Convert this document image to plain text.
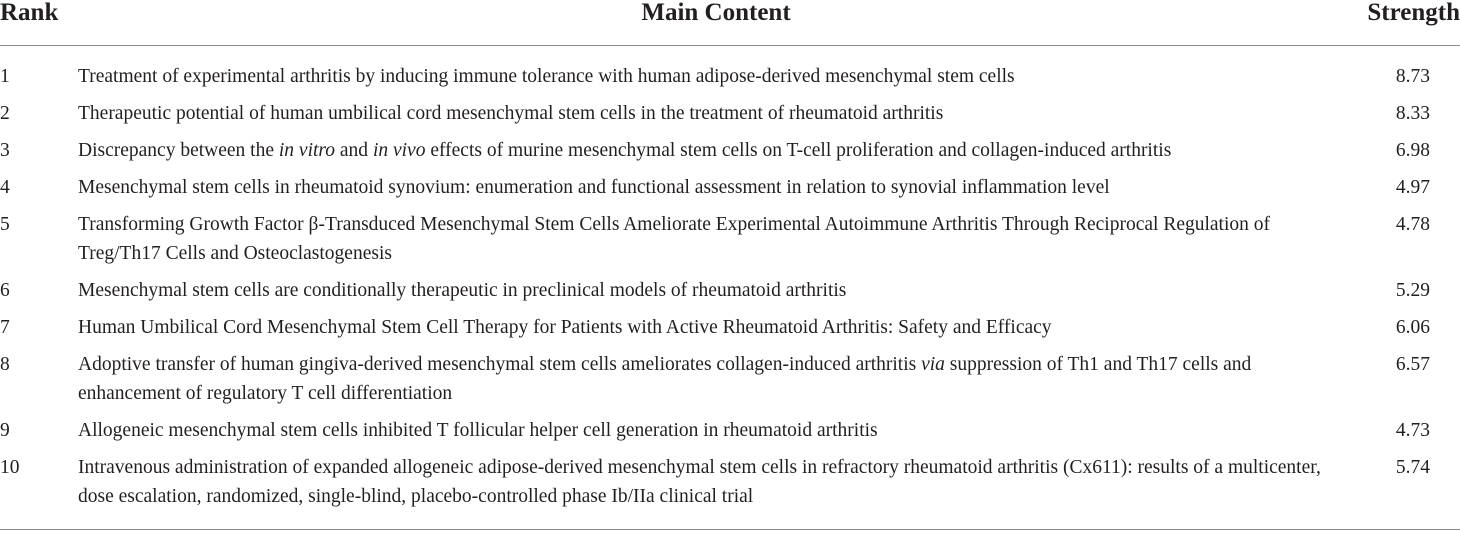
Rank	Main Content	Strength
1	Treatment of experimental arthritis by inducing immune tolerance with human adipose-derived mesenchymal stem cells	8.73
2	Therapeutic potential of human umbilical cord mesenchymal stem cells in the treatment of rheumatoid arthritis	8.33
3	Discrepancy between the in vitro and in vivo effects of murine mesenchymal stem cells on T-cell proliferation and collagen-induced arthritis	6.98
4	Mesenchymal stem cells in rheumatoid synovium: enumeration and functional assessment in relation to synovial inflammation level	4.97
5	Transforming Growth Factor β-Transduced Mesenchymal Stem Cells Ameliorate Experimental Autoimmune Arthritis Through Reciprocal Regulation of Treg/Th17 Cells and Osteoclastogenesis	4.78
6	Mesenchymal stem cells are conditionally therapeutic in preclinical models of rheumatoid arthritis	5.29
7	Human Umbilical Cord Mesenchymal Stem Cell Therapy for Patients with Active Rheumatoid Arthritis: Safety and Efficacy	6.06
8	Adoptive transfer of human gingiva-derived mesenchymal stem cells ameliorates collagen-induced arthritis via suppression of Th1 and Th17 cells and enhancement of regulatory T cell differentiation	6.57
9	Allogeneic mesenchymal stem cells inhibited T follicular helper cell generation in rheumatoid arthritis	4.73
10	Intravenous administration of expanded allogeneic adipose-derived mesenchymal stem cells in refractory rheumatoid arthritis (Cx611): results of a multicenter, dose escalation, randomized, single-blind, placebo-controlled phase Ib/IIa clinical trial	5.74
